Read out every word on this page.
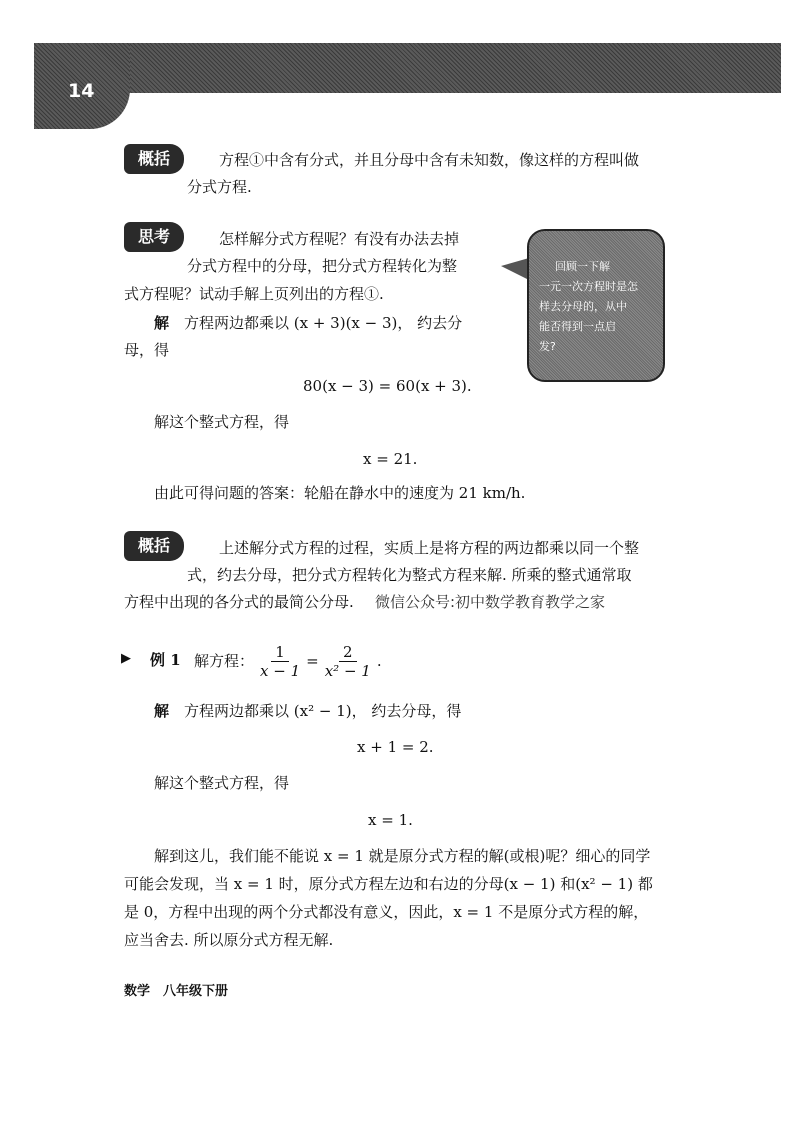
14
概括	方程①中含有分式，并且分母中含有未知数，像这样的方程叫做
分式方程.
思考	怎样解分式方程呢？有没有办法去掉
分式方程中的分母，把分式方程转化为整
式方程呢？试动手解上页列出的方程①.
解 方程两边都乘以 (x + 3)(x − 3)， 约去分
母，得
80(x − 3) = 60(x + 3).
解这个整式方程，得
x = 21.
由此可得问题的答案：轮船在静水中的速度为 21 km/h.
回顾一下解
一元一次方程时是怎
样去分母的，从中
能否得到一点启
发?
概括	上述解分式方程的过程，实质上是将方程的两边都乘以同一个整
式，约去分母，把分式方程转化为整式方程来解. 所乘的整式通常取
方程中出现的各分式的最简公分母. 微信公众号:初中数学教育教学之家
▶ 例 1 解方程： $\frac{1}{x - 1} = \frac{2}{\text{x² − 1}}$ .
解 方程两边都乘以 (x² − 1)， 约去分母，得
x + 1 = 2.
解这个整式方程，得
x = 1.
解到这儿，我们能不能说 x = 1 就是原分式方程的解(或根)呢？细心的同学
可能会发现，当 x = 1 时，原分式方程左边和右边的分母(x − 1) 和(x² − 1) 都
是 0，方程中出现的两个分式都没有意义，因此，x = 1 不是原分式方程的解，
应当舍去. 所以原分式方程无解.
数学　八年级下册
